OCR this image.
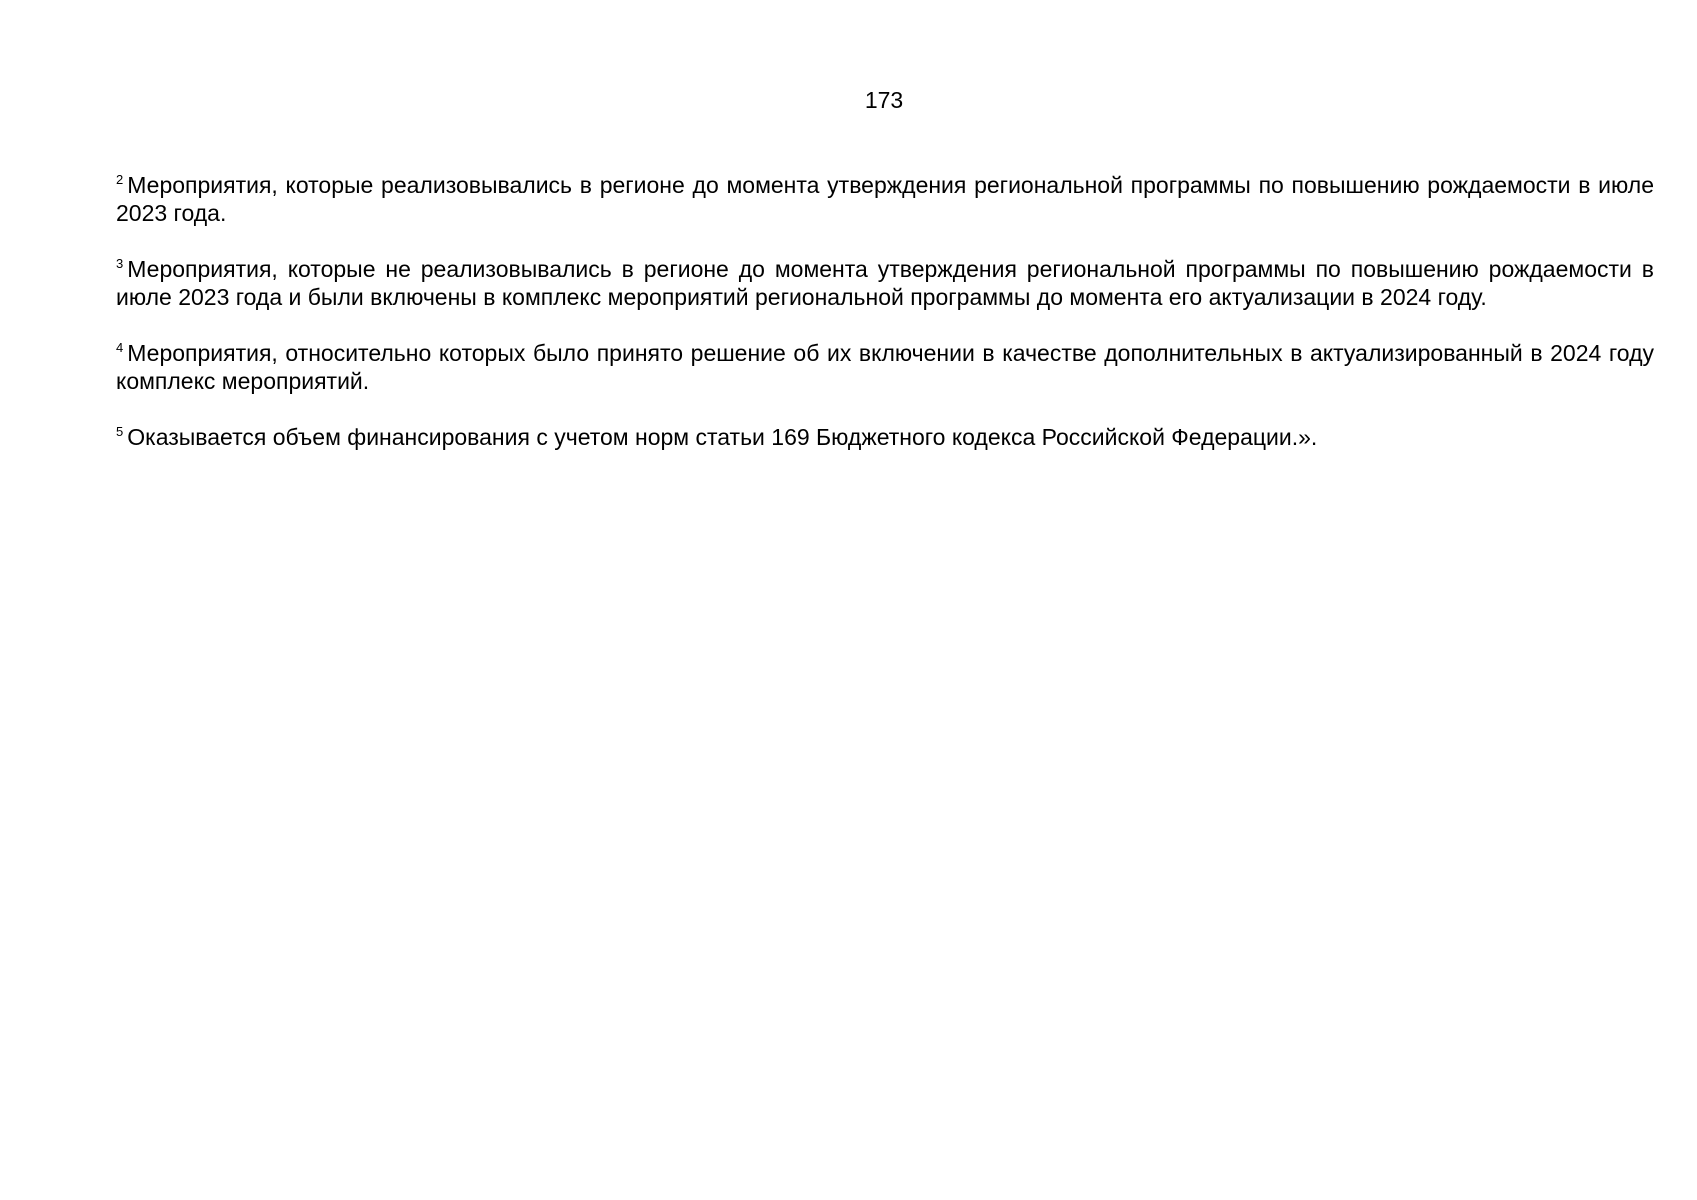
173

$^2$ Мероприятия, которые реализовывались в регионе до момента утверждения региональной программы по повышению рождаемости в июле 2023 года.

$^3$ Мероприятия, которые не реализовывались в регионе до момента утверждения региональной программы по повышению рождаемости в июле 2023 года и были включены в комплекс мероприятий региональной программы до момента его актуализации в 2024 году.

$^4$ Мероприятия, относительно которых было принято решение об их включении в качестве дополнительных в актуализированный в 2024 году комплекс мероприятий.

$^5$ Оказывается объем финансирования с учетом норм статьи 169 Бюджетного кодекса Российской Федерации.».
